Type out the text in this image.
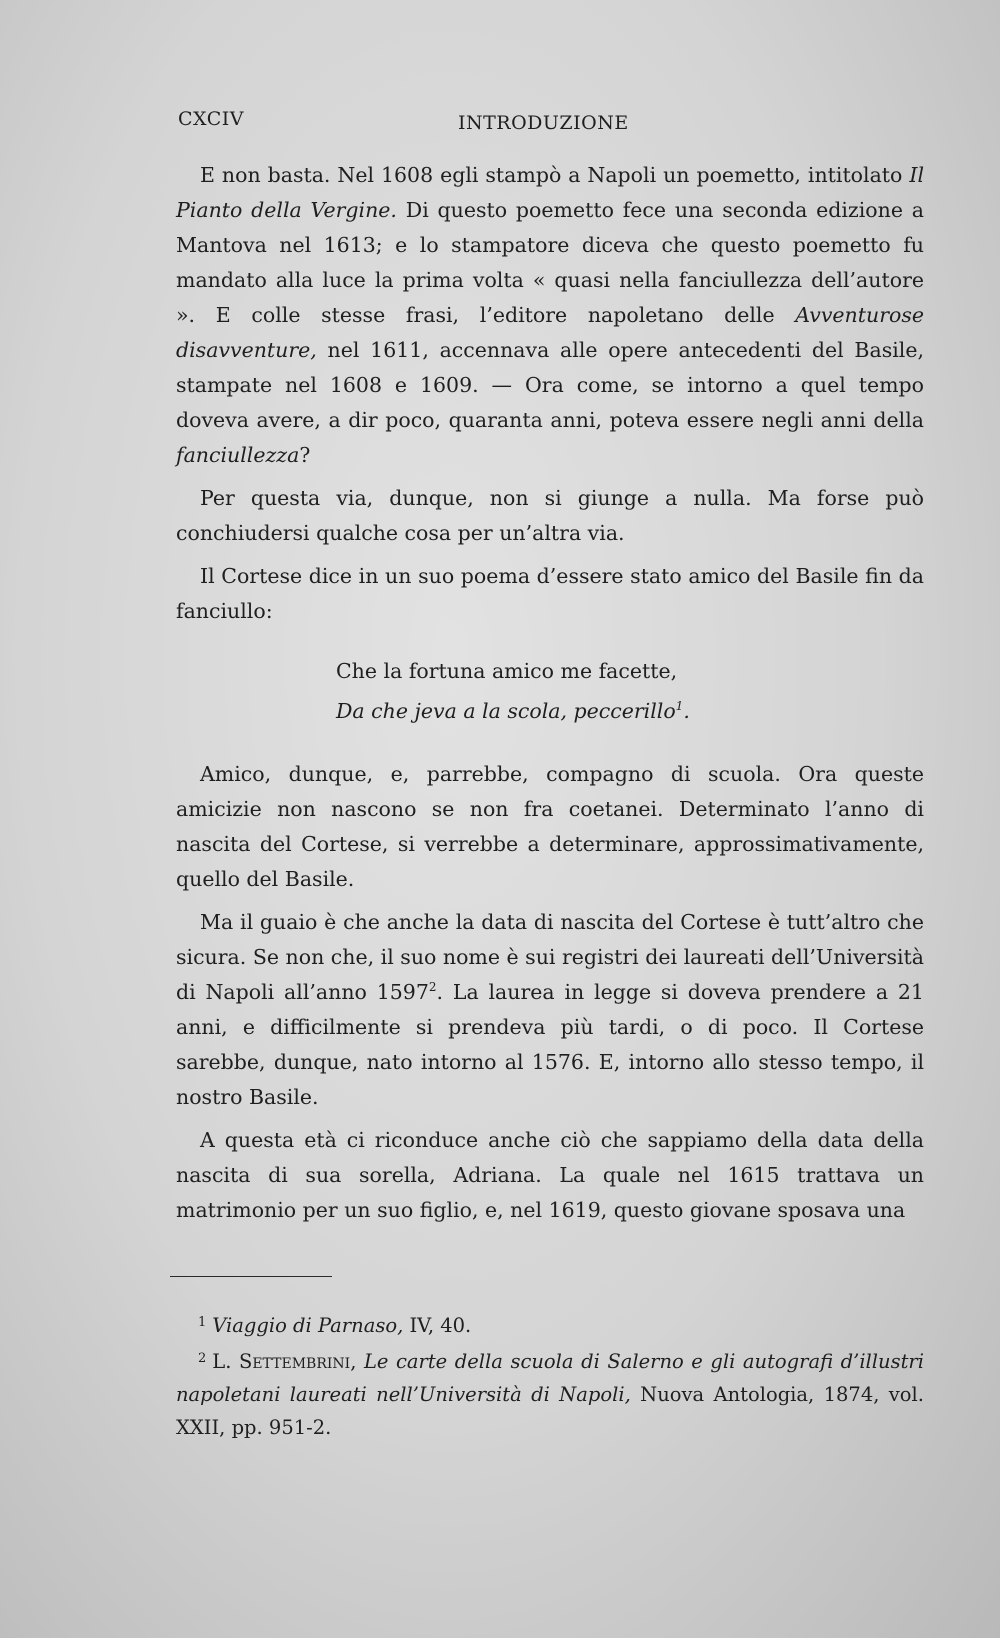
CXCIV	INTRODUZIONE

E non basta. Nel 1608 egli stampò a Napoli un poemetto, intitolato Il Pianto della Vergine. Di questo poemetto fece una seconda edizione a Mantova nel 1613; e lo stampatore diceva che questo poemetto fu mandato alla luce la prima volta « quasi nella fanciullezza dell’autore ». E colle stesse frasi, l’editore napoletano delle Avventurose disavventure, nel 1611, accennava alle opere antecedenti del Basile, stampate nel 1608 e 1609. — Ora come, se intorno a quel tempo doveva avere, a dir poco, quaranta anni, poteva essere negli anni della fanciullezza?

Per questa via, dunque, non si giunge a nulla. Ma forse può conchiudersi qualche cosa per un’altra via.

Il Cortese dice in un suo poema d’essere stato amico del Basile fin da fanciullo:

Che la fortuna amico me facette,
Da che jeva a la scola, peccerillo$^1$.

Amico, dunque, e, parrebbe, compagno di scuola. Ora queste amicizie non nascono se non fra coetanei. Determinato l’anno di nascita del Cortese, si verrebbe a determinare, approssimativamente, quello del Basile.

Ma il guaio è che anche la data di nascita del Cortese è tutt’altro che sicura. Se non che, il suo nome è sui registri dei laureati dell’Università di Napoli all’anno 1597$^2$. La laurea in legge si doveva prendere a 21 anni, e difficilmente si prendeva più tardi, o di poco. Il Cortese sarebbe, dunque, nato intorno al 1576. E, intorno allo stesso tempo, il nostro Basile.

A questa età ci riconduce anche ciò che sappiamo della data della nascita di sua sorella, Adriana. La quale nel 1615 trattava un matrimonio per un suo figlio, e, nel 1619, questo giovane sposava una

$^1$ Viaggio di Parnaso, IV, 40.

$^2$ L. Settembrini, Le carte della scuola di Salerno e gli autografi d’illustri napoletani laureati nell’Università di Napoli, Nuova Antologia, 1874, vol. XXII, pp. 951-2.
